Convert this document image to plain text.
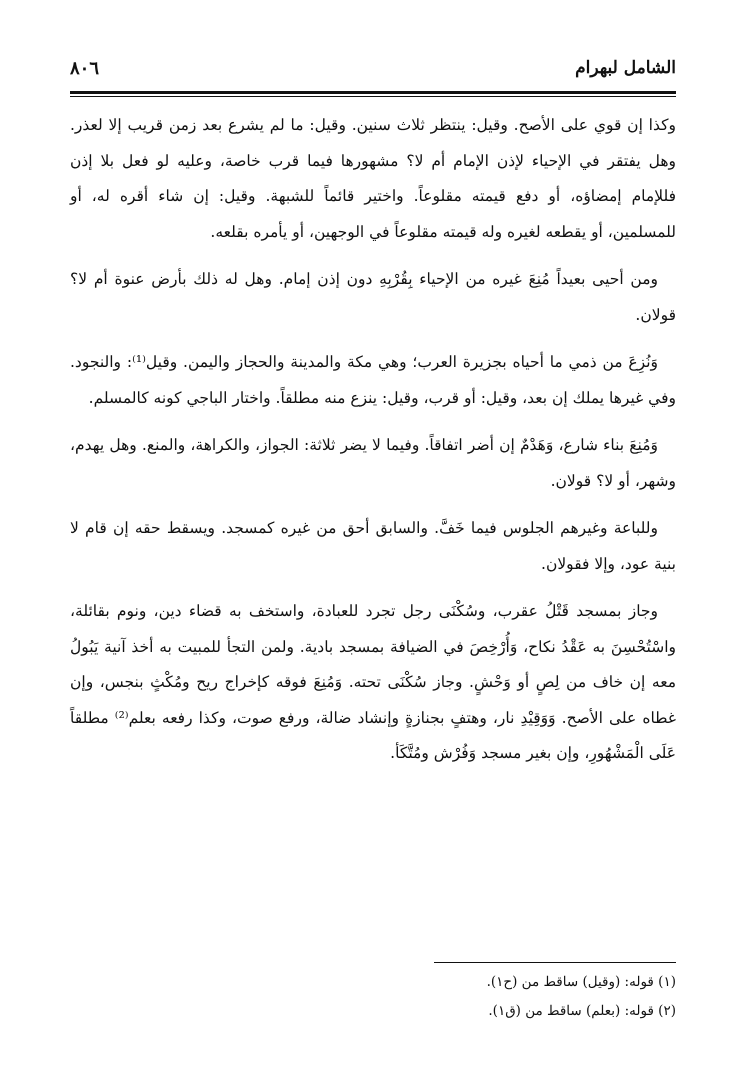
الشامل لبهرام
٨٠٦

وكذا إن قوي على الأصح. وقيل: ينتظر ثلاث سنين. وقيل: ما لم يشرع بعد زمن قريب إلا لعذر. وهل يفتقر في الإحياء لإذن الإمام أم لا؟ مشهورها فيما قرب خاصة، وعليه لو فعل بلا إذن فللإمام إمضاؤه، أو دفع قيمته مقلوعاً. واختير قائماً للشبهة. وقيل: إن شاء أقره له، أو للمسلمين، أو يقطعه لغيره وله قيمته مقلوعاً في الوجهين، أو يأمره بقلعه.

ومن أحيى بعيداً مُنِعَ غيره من الإحياء بِقُرْبِهِ دون إذن إمام. وهل له ذلك بأرض عنوة أم لا؟ قولان.

وَنُزِعَ من ذمي ما أحياه بجزيرة العرب؛ وهي مكة والمدينة والحجاز واليمن. وقيل⁽¹⁾: والنجود. وفي غيرها يملك إن بعد، وقيل: أو قرب، وقيل: ينزع منه مطلقاً. واختار الباجي كونه كالمسلم.

وَمُنِعَ بناء شارع، وَهَدْمٌ إن أضر اتفاقاً. وفيما لا يضر ثلاثة: الجواز، والكراهة، والمنع. وهل يهدم، وشهر، أو لا؟ قولان.

وللباعة وغيرهم الجلوس فيما خَفَّ. والسابق أحق من غيره كمسجد. ويسقط حقه إن قام لا بنية عود، وإلا فقولان.

وجاز بمسجد قَتْلُ عقرب، وسُكْنَى رجل تجرد للعبادة، واستخف به قضاء دين، ونوم بقائلة، واسْتُحْسِنَ به عَقْدُ نكاح، وَأُرْخِصَ في الضيافة بمسجد بادية. ولمن التجأ للمبيت به أخذ آنية يَبُولُ معه إن خاف من لِصٍ أو وَحْشٍ. وجاز سُكْنَى تحته. وَمُنِعَ فوقه كإخراج ريح ومُكْثٍ بنجس، وإن غطاه على الأصح. وَوَقِيْدِ نار، وهتفٍ بجنازةٍ وإنشاد ضالة، ورفع صوت، وكذا رفعه بعلم⁽²⁾ مطلقاً عَلَى الْمَشْهُورِ، وإن بغير مسجد وَفُرْش ومُتَّكَأ.

(١) قوله: (وقيل) ساقط من (ح١).

(٢) قوله: (بعلم) ساقط من (ق١).
